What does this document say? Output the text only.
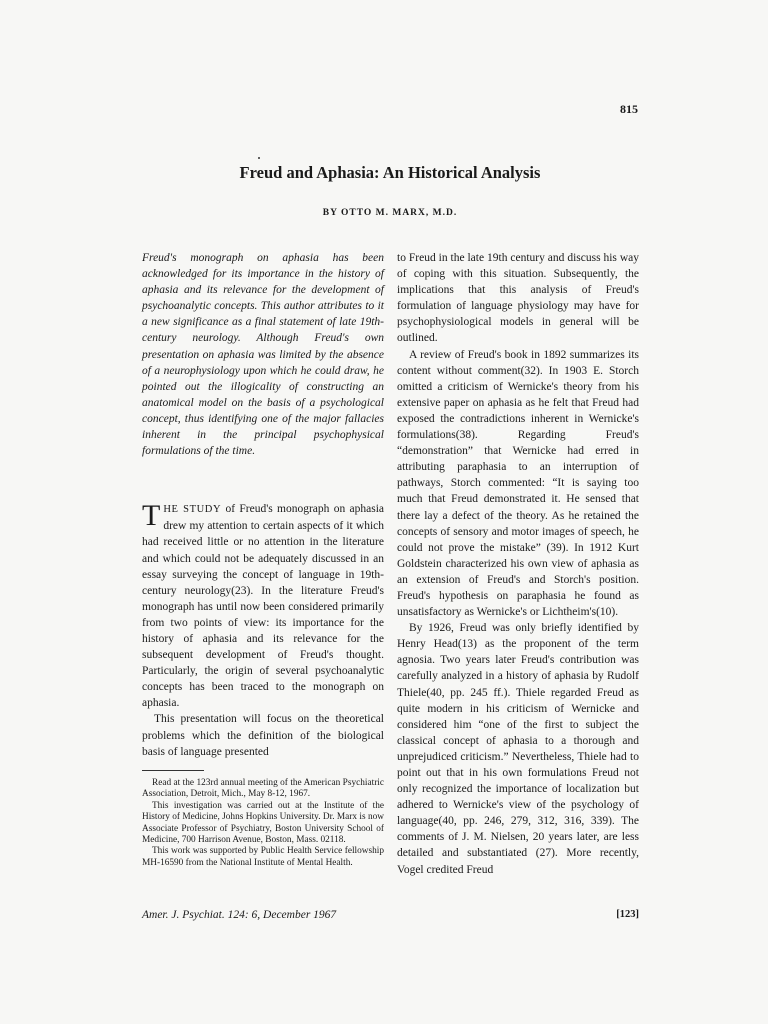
815
Freud and Aphasia: An Historical Analysis
BY OTTO M. MARX, M.D.

Freud's monograph on aphasia has been acknowledged for its importance in the history of aphasia and its relevance for the development of psychoanalytic concepts. This author attributes to it a new significance as a final statement of late 19th-century neurology. Although Freud's own presentation on aphasia was limited by the absence of a neurophysiology upon which he could draw, he pointed out the illogicality of constructing an anatomical model on the basis of a psychological concept, thus identifying one of the major fallacies inherent in the principal psychophysical formulations of the time.

THE STUDY of Freud's monograph on aphasia drew my attention to certain aspects of it which had received little or no attention in the literature and which could not be adequately discussed in an essay surveying the concept of language in 19th-century neurology(23). In the literature Freud's monograph has until now been considered primarily from two points of view: its importance for the history of aphasia and its relevance for the subsequent development of Freud's thought. Particularly, the origin of several psychoanalytic concepts has been traced to the monograph on aphasia.

This presentation will focus on the theoretical problems which the definition of the biological basis of language presented

to Freud in the late 19th century and discuss his way of coping with this situation. Subsequently, the implications that this analysis of Freud's formulation of language physiology may have for psychophysiological models in general will be outlined.

A review of Freud's book in 1892 summarizes its content without comment(32). In 1903 E. Storch omitted a criticism of Wernicke's theory from his extensive paper on aphasia as he felt that Freud had exposed the contradictions inherent in Wernicke's formulations(38). Regarding Freud's “demonstration” that Wernicke had erred in attributing paraphasia to an interruption of pathways, Storch commented: “It is saying too much that Freud demonstrated it. He sensed that there lay a defect of the theory. As he retained the concepts of sensory and motor images of speech, he could not prove the mistake” (39). In 1912 Kurt Goldstein characterized his own view of aphasia as an extension of Freud's and Storch's position. Freud's hypothesis on paraphasia he found as unsatisfactory as Wernicke's or Lichtheim's(10).

By 1926, Freud was only briefly identified by Henry Head(13) as the proponent of the term agnosia. Two years later Freud's contribution was carefully analyzed in a history of aphasia by Rudolf Thiele(40, pp. 245 ff.). Thiele regarded Freud as quite modern in his criticism of Wernicke and considered him “one of the first to subject the classical concept of aphasia to a thorough and unprejudiced criticism.” Nevertheless, Thiele had to point out that in his own formulations Freud not only recognized the importance of localization but adhered to Wernicke's view of the psychology of language(40, pp. 246, 279, 312, 316, 339). The comments of J. M. Nielsen, 20 years later, are less detailed and substantiated (27). More recently, Vogel credited Freud

Read at the 123rd annual meeting of the American Psychiatric Association, Detroit, Mich., May 8-12, 1967.

This investigation was carried out at the Institute of the History of Medicine, Johns Hopkins University. Dr. Marx is now Associate Professor of Psychiatry, Boston University School of Medicine, 700 Harrison Avenue, Boston, Mass. 02118.

This work was supported by Public Health Service fellowship MH-16590 from the National Institute of Mental Health.

Amer. J. Psychiat. 124: 6, December 1967	[123]
